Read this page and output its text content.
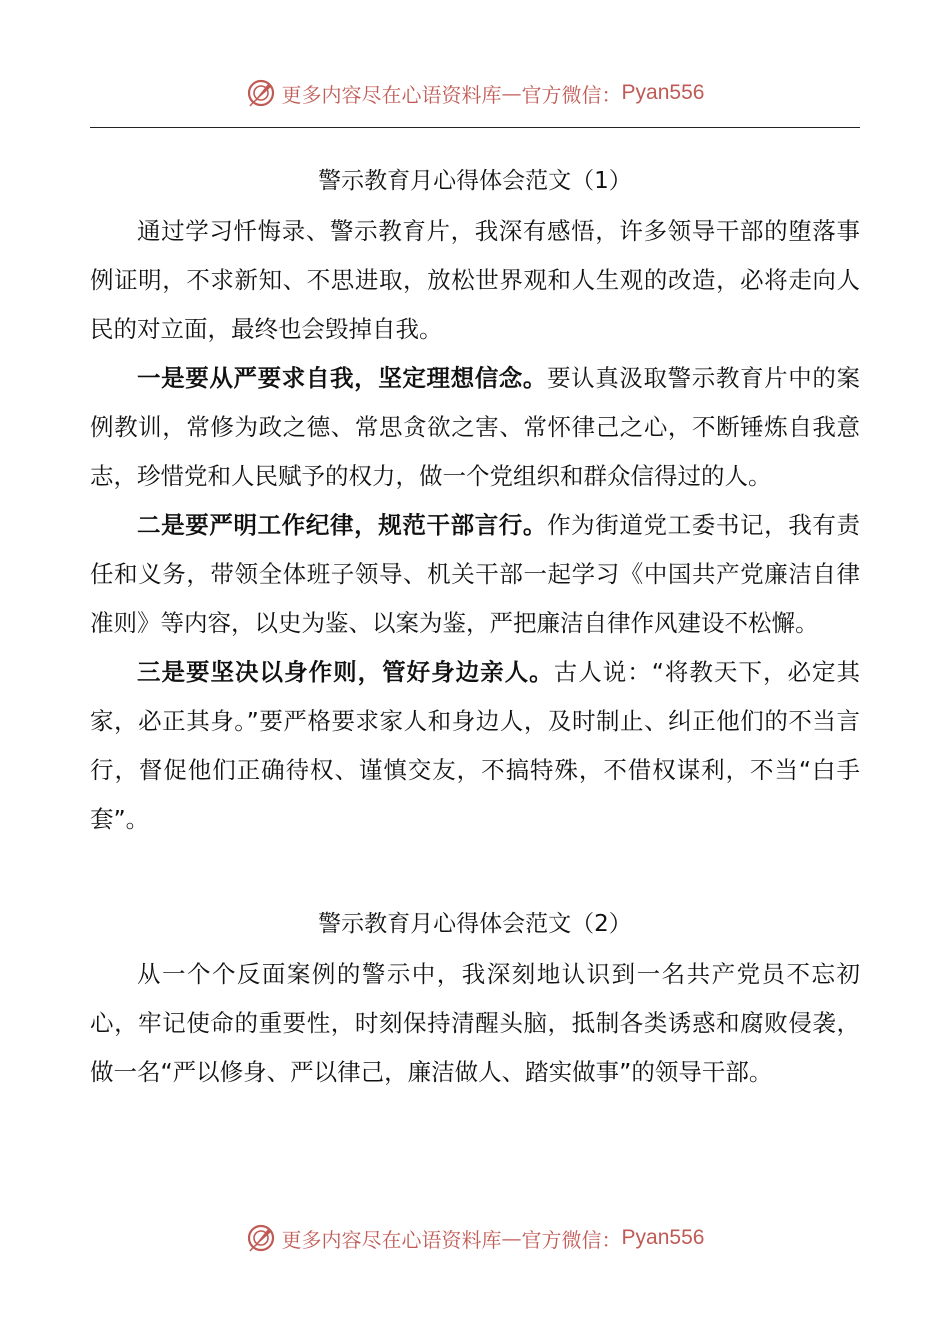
更多内容尽在心语资料库 — 官方微信： Pyan556
警示教育月心得体会范文（1）

通过学习忏悔录、警示教育片，我深有感悟，许多领导干部的堕落事例证明，不求新知、不思进取，放松世界观和人生观的改造，必将走向人民的对立面，最终也会毁掉自我。

一是要从严要求自我，坚定理想信念。要认真汲取警示教育片中的案例教训，常修为政之德、常思贪欲之害、常怀律己之心，不断锤炼自我意志，珍惜党和人民赋予的权力，做一个党组织和群众信得过的人。

二是要严明工作纪律，规范干部言行。作为街道党工委书记，我有责任和义务，带领全体班子领导、机关干部一起学习《中国共产党廉洁自律准则》等内容，以史为鉴、以案为鉴，严把廉洁自律作风建设不松懈。

三是要坚决以身作则，管好身边亲人。古人说：“将教天下，必定其家，必正其身。”要严格要求家人和身边人，及时制止、纠正他们的不当言行，督促他们正确待权、谨慎交友，不搞特殊，不借权谋利，不当“白手套”。

警示教育月心得体会范文（2）

从一个个反面案例的警示中，我深刻地认识到一名共产党员不忘初心，牢记使命的重要性，时刻保持清醒头脑，抵制各类诱惑和腐败侵袭，做一名“严以修身、严以律己，廉洁做人、踏实做事”的领导干部。

更多内容尽在心语资料库 — 官方微信： Pyan556
